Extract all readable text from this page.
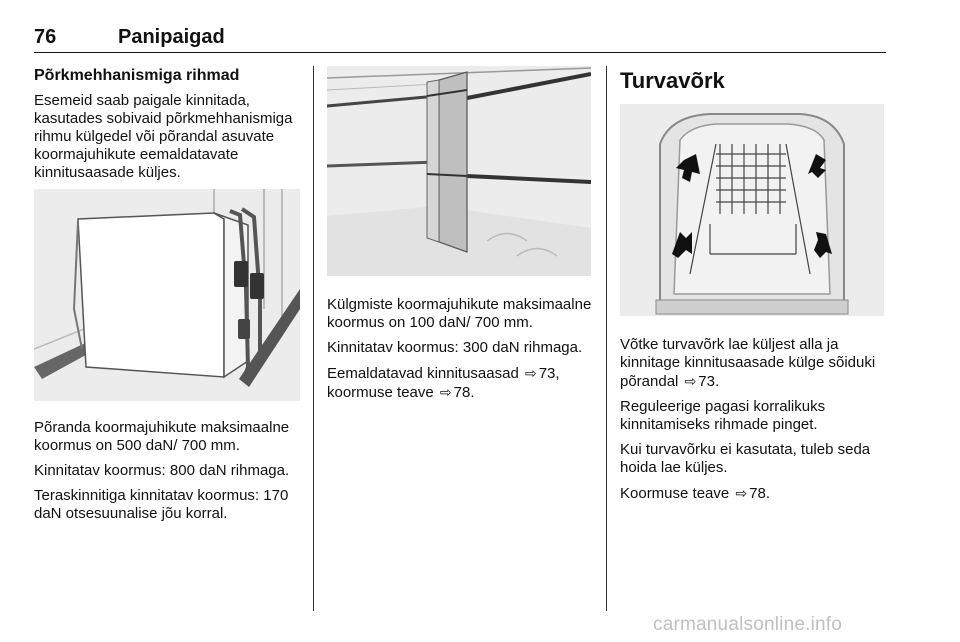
76	Panipaigad
Põrkmehhanismiga rihmad

Esemeid saab paigale kinnitada, kasutades sobivaid põrkmehhanismiga rihmu külgedel või põrandal asuvate koormajuhikute eemaldatavate kinnitusaasade küljes.

Põranda koormajuhikute maksimaalne koormus on 500 daN/ 700 mm.

Kinnitatav koormus: 800 daN rihmaga.

Teraskinnitiga kinnitatav koormus: 170 daN otsesuunalise jõu korral.

Külgmiste koormajuhikute maksimaalne koormus on 100 daN/ 700 mm.

Kinnitatav koormus: 300 daN rihmaga.

Eemaldatavad kinnitusaasad ⇨ 73, koormuse teave ⇨ 78.

Turvavõrk

Võtke turvavõrk lae küljest alla ja kinnitage kinnitusaasade külge sõiduki põrandal ⇨ 73.

Reguleerige pagasi korralikuks kinnitamiseks rihmade pinget.

Kui turvavõrku ei kasutata, tuleb seda hoida lae küljes.

Koormuse teave ⇨ 78.

carmanualsonline.info
